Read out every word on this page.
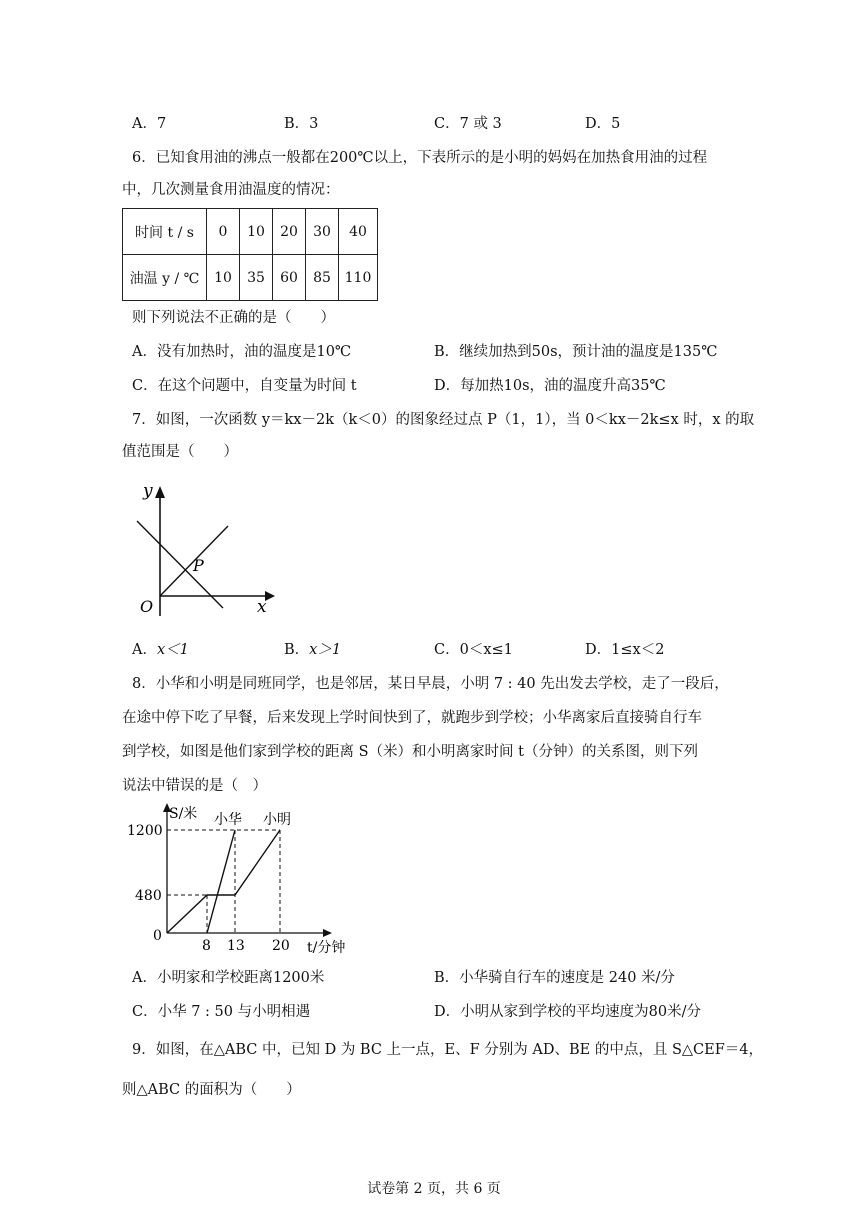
A．7	B．3	C．7 或 3	D．5
6．已知食用油的沸点一般都在200℃以上，下表所示的是小明的妈妈在加热食用油的过程
中，几次测量食用油温度的情况：
时间 t / s	0	10	20	30	40
油温 y / ℃	10	35	60	85	110
则下列说法不正确的是（　　）
A．没有加热时，油的温度是10℃	B．继续加热到50s，预计油的温度是135℃
C．在这个问题中，自变量为时间 t	D．每加热10s，油的温度升高35℃
7．如图，一次函数 y＝kx－2k（k＜0）的图象经过点 P（1，1），当 0＜kx－2k≤x 时，x 的取
值范围是（　　）
y
x
O
P
A．x＜1	B．x＞1	C．0＜x≤1	D．1≤x＜2
8．小华和小明是同班同学，也是邻居，某日早晨，小明 7 : 40 先出发去学校，走了一段后，
在途中停下吃了早餐，后来发现上学时间快到了，就跑步到学校；小华离家后直接骑自行车
到学校，如图是他们家到学校的距离 S（米）和小明离家时间 t（分钟）的关系图，则下列
说法中错误的是（　）
S/米
t/分钟
小华 小明
1200
480
0
8 13 20
A．小明家和学校距离1200米	B．小华骑自行车的速度是 240 米/分
C．小华 7 : 50 与小明相遇	D．小明从家到学校的平均速度为80米/分
9．如图，在△ABC 中，已知 D 为 BC 上一点，E、F 分别为 AD、BE 的中点，且 S△CEF＝4，
则△ABC 的面积为（　　）
试卷第 2 页，共 6 页
